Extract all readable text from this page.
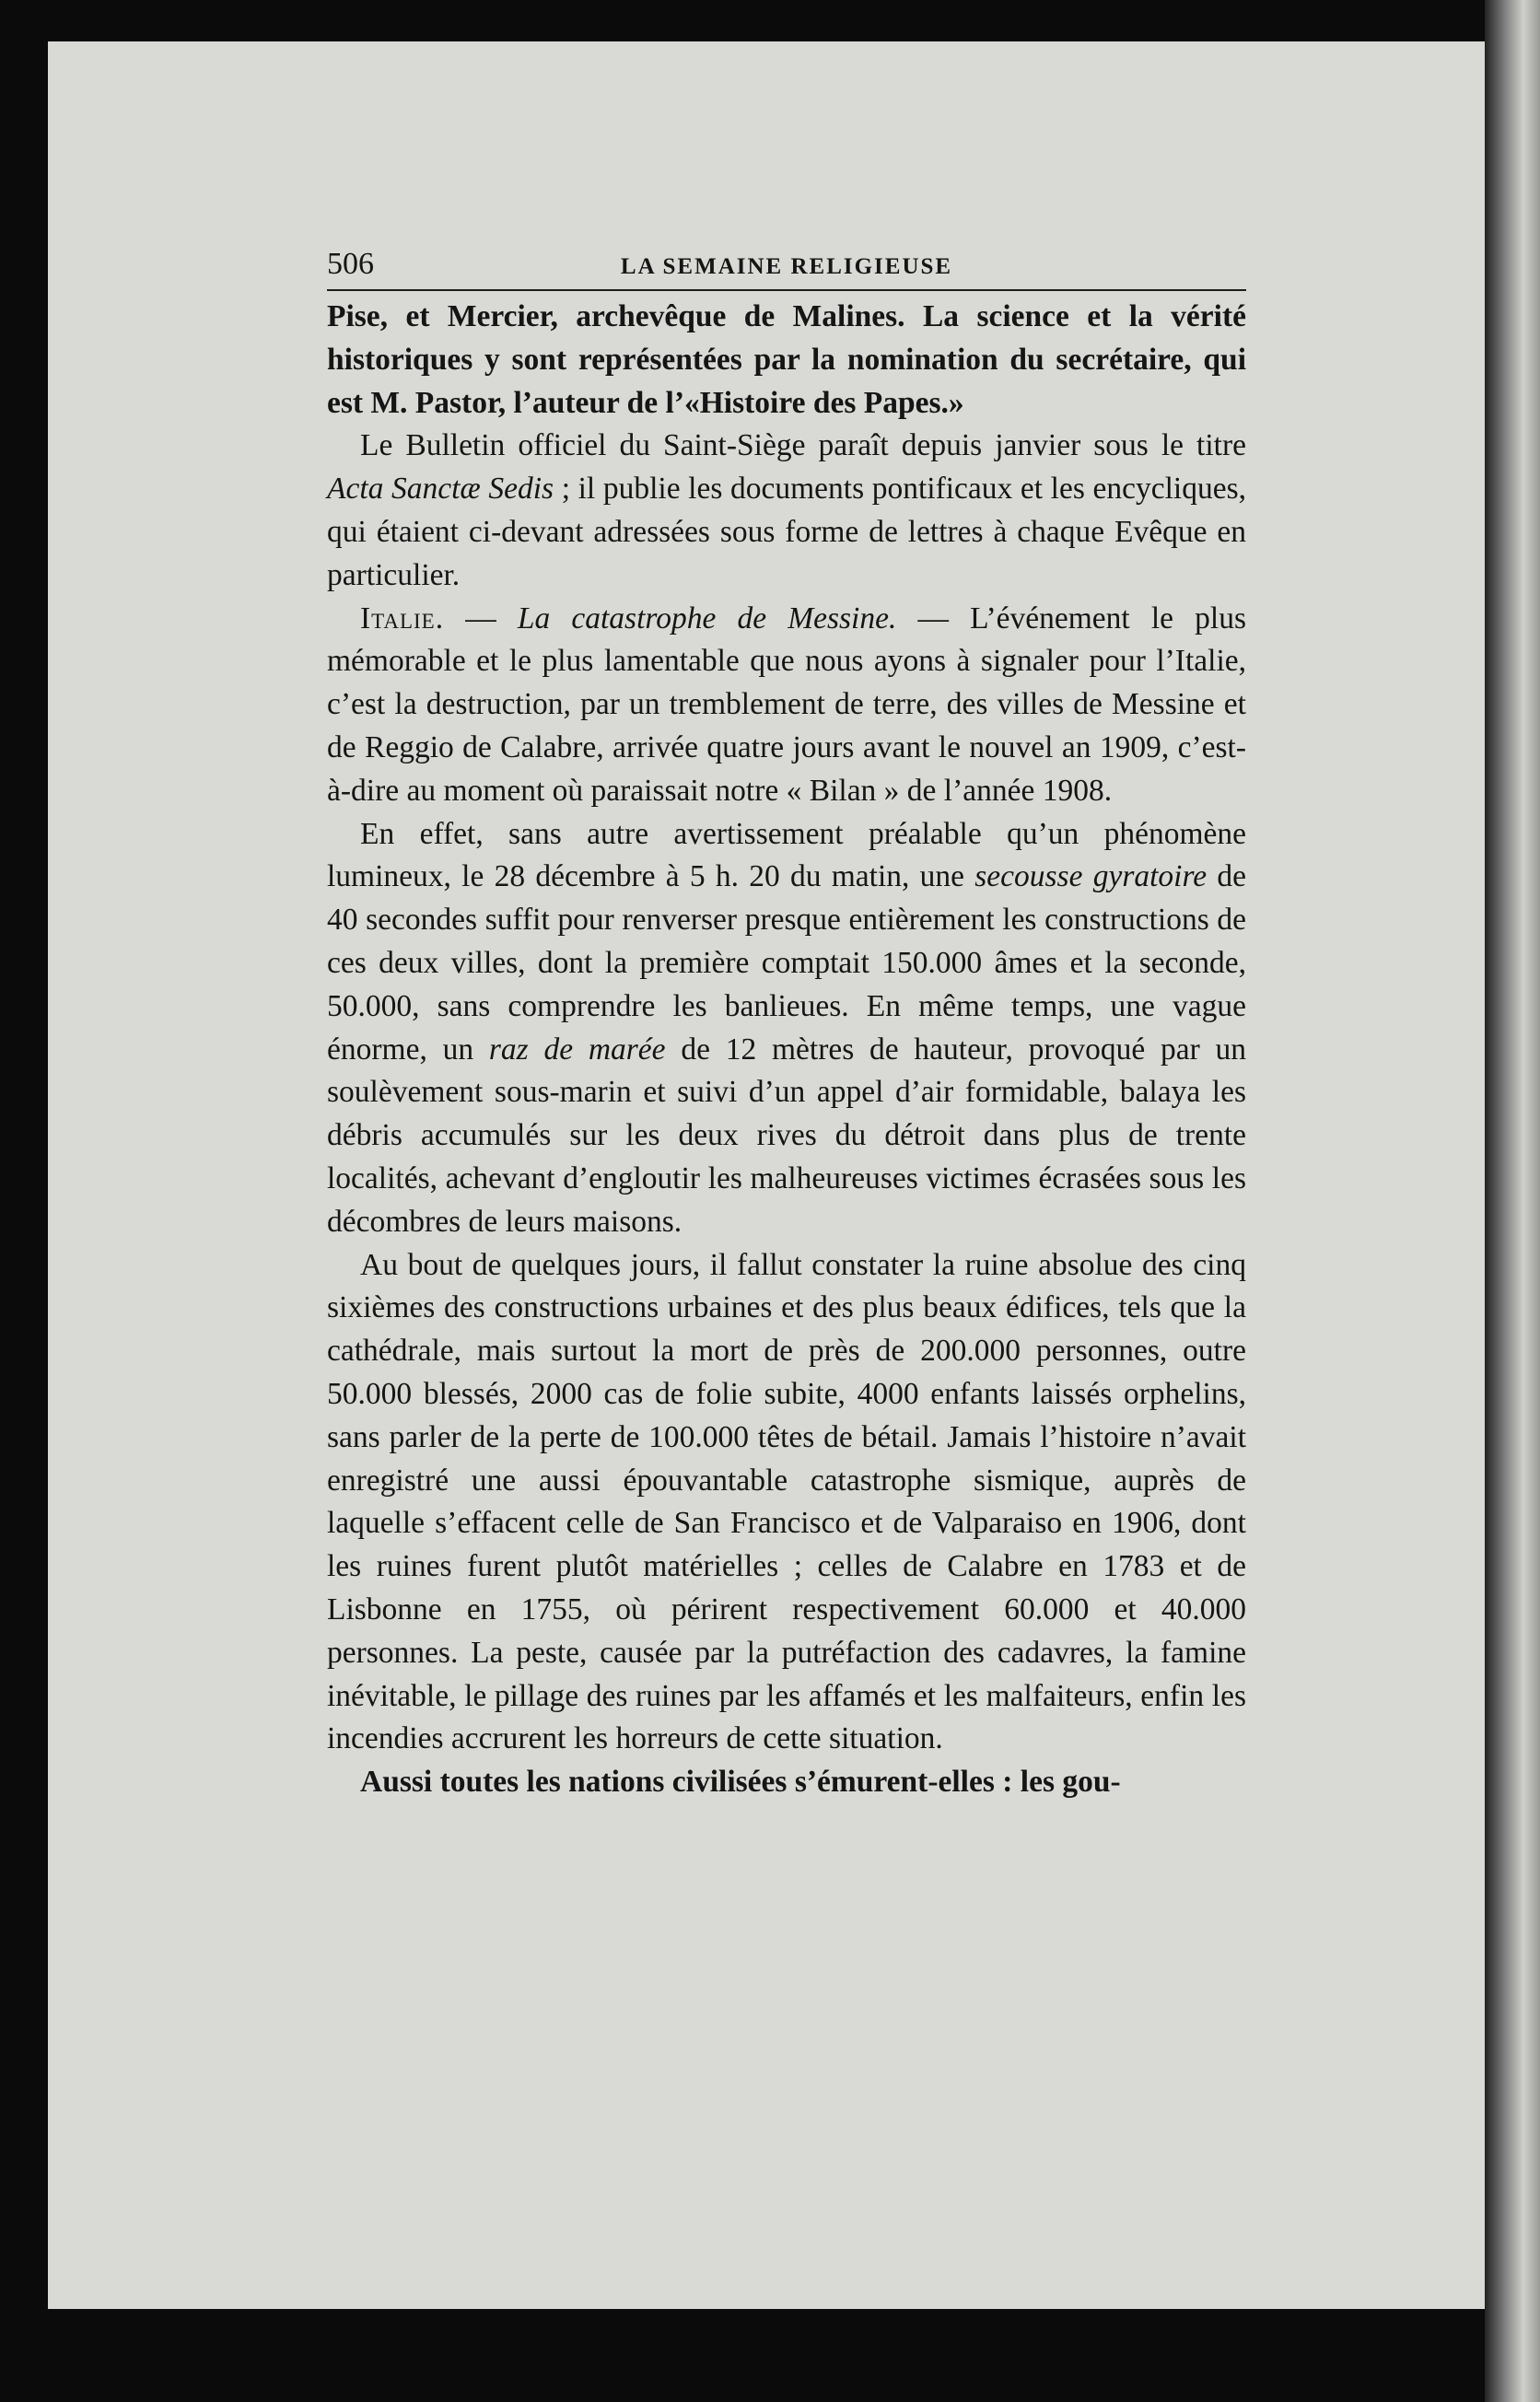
506	LA SEMAINE RELIGIEUSE

Pise, et Mercier, archevêque de Malines. La science et la vérité historiques y sont représentées par la nomination du secrétaire, qui est M. Pastor, l’auteur de l’«Histoire des Papes.»

Le Bulletin officiel du Saint-Siège paraît depuis janvier sous le titre Acta Sanctæ Sedis ; il publie les documents pontificaux et les encycliques, qui étaient ci-devant adressées sous forme de lettres à chaque Evêque en particulier.

Italie. — La catastrophe de Messine. — L’événement le plus mémorable et le plus lamentable que nous ayons à signaler pour l’Italie, c’est la destruction, par un tremblement de terre, des villes de Messine et de Reggio de Calabre, arrivée quatre jours avant le nouvel an 1909, c’est-à-dire au moment où paraissait notre « Bilan » de l’année 1908.

En effet, sans autre avertissement préalable qu’un phénomène lumineux, le 28 décembre à 5 h. 20 du matin, une secousse gyratoire de 40 secondes suffit pour renverser presque entièrement les constructions de ces deux villes, dont la première comptait 150.000 âmes et la seconde, 50.000, sans comprendre les banlieues. En même temps, une vague énorme, un raz de marée de 12 mètres de hauteur, provoqué par un soulèvement sous-marin et suivi d’un appel d’air formidable, balaya les débris accumulés sur les deux rives du détroit dans plus de trente localités, achevant d’engloutir les malheureuses victimes écrasées sous les décombres de leurs maisons.

Au bout de quelques jours, il fallut constater la ruine absolue des cinq sixièmes des constructions urbaines et des plus beaux édifices, tels que la cathédrale, mais surtout la mort de près de 200.000 personnes, outre 50.000 blessés, 2000 cas de folie subite, 4000 enfants laissés orphelins, sans parler de la perte de 100.000 têtes de bétail. Jamais l’histoire n’avait enregistré une aussi épouvantable catastrophe sismique, auprès de laquelle s’effacent celle de San Francisco et de Valparaiso en 1906, dont les ruines furent plutôt matérielles ; celles de Calabre en 1783 et de Lisbonne en 1755, où périrent respectivement 60.000 et 40.000 personnes. La peste, causée par la putréfaction des cadavres, la famine inévitable, le pillage des ruines par les affamés et les malfaiteurs, enfin les incendies accrurent les horreurs de cette situation.

Aussi toutes les nations civilisées s’émurent-elles : les gou-
